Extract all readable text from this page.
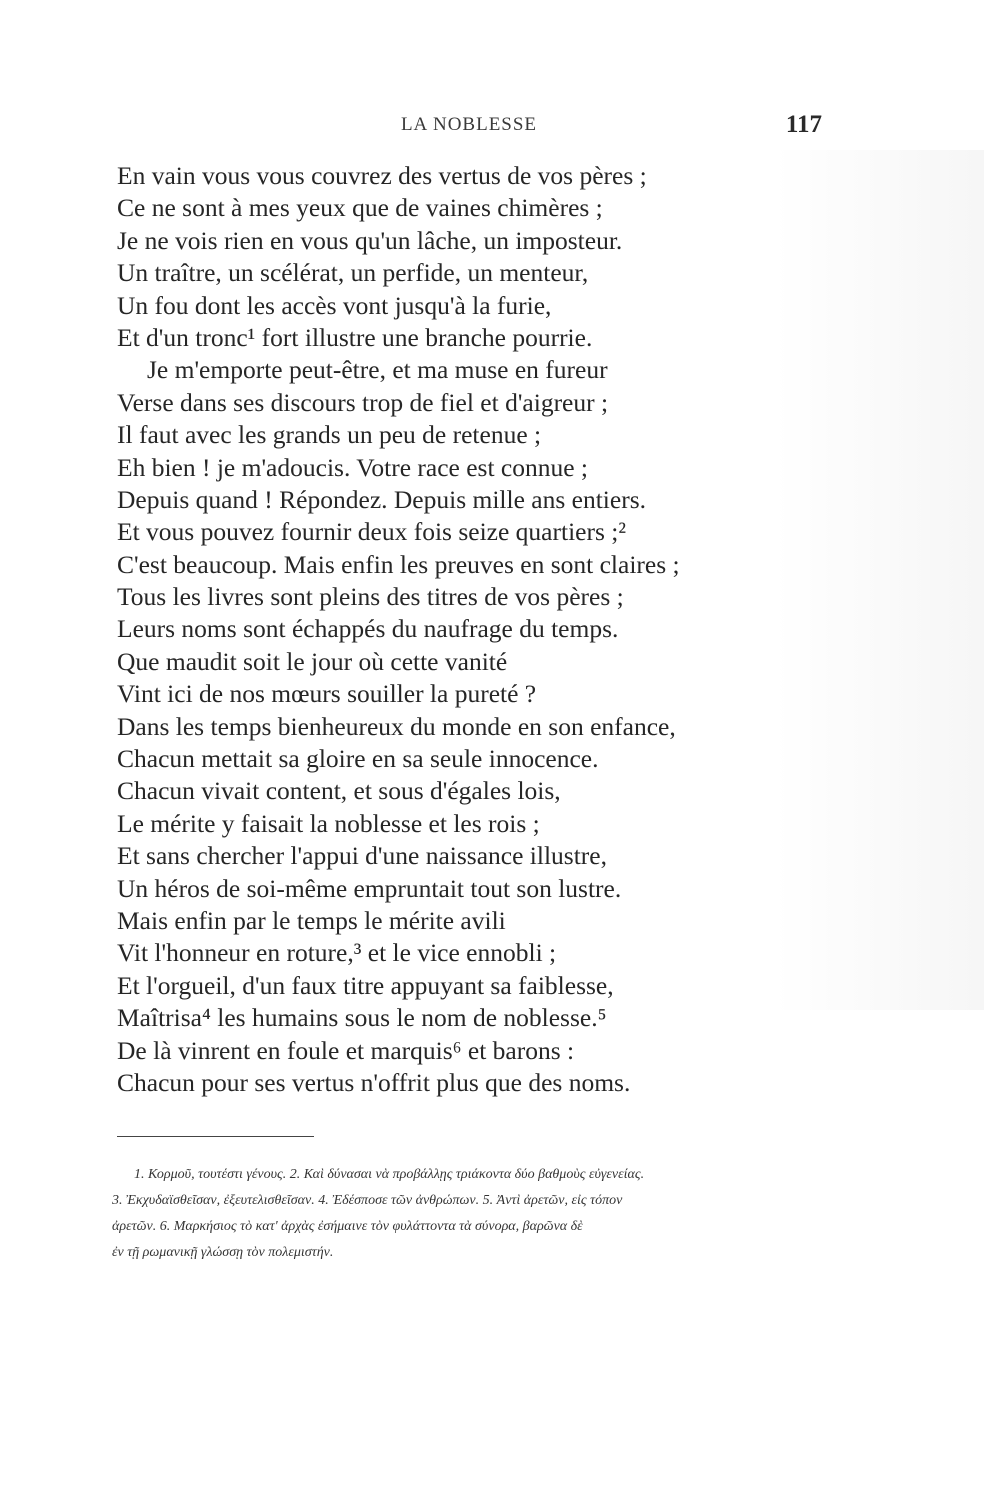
LA NOBLESSE	117
En vain vous vous couvrez des vertus de vos pères ;
Ce ne sont à mes yeux que de vaines chimères ;
Je ne vois rien en vous qu'un lâche, un imposteur.
Un traître, un scélérat, un perfide, un menteur,
Un fou dont les accès vont jusqu'à la furie,
Et d'un tronc¹ fort illustre une branche pourrie.
Je m'emporte peut-être, et ma muse en fureur
Verse dans ses discours trop de fiel et d'aigreur ;
Il faut avec les grands un peu de retenue ;
Eh bien ! je m'adoucis. Votre race est connue ;
Depuis quand ! Répondez. Depuis mille ans entiers.
Et vous pouvez fournir deux fois seize quartiers ;²
C'est beaucoup. Mais enfin les preuves en sont claires ;
Tous les livres sont pleins des titres de vos pères ;
Leurs noms sont échappés du naufrage du temps.
Que maudit soit le jour où cette vanité
Vint ici de nos mœurs souiller la pureté ?
Dans les temps bienheureux du monde en son enfance,
Chacun mettait sa gloire en sa seule innocence.
Chacun vivait content, et sous d'égales lois,
Le mérite y faisait la noblesse et les rois ;
Et sans chercher l'appui d'une naissance illustre,
Un héros de soi-même empruntait tout son lustre.
Mais enfin par le temps le mérite avili
Vit l'honneur en roture,³ et le vice ennobli ;
Et l'orgueil, d'un faux titre appuyant sa faiblesse,
Maîtrisa⁴ les humains sous le nom de noblesse.⁵
De là vinrent en foule et marquis⁶ et barons :
Chacun pour ses vertus n'offrit plus que des noms.
1. Κορμοῦ, τουτέστι γένους. 2. Καὶ δύνασαι νὰ προβάλλῃς τριάκοντα δύο βαθμοὺς εὐγενείας.
3. Ἐκχυδαϊσθεῖσαν, ἐξευτελισθεῖσαν. 4. Ἐδέσποσε τῶν ἀνθρώπων. 5. Ἀντὶ ἀρετῶν, εἰς τόπον
ἀρετῶν. 6. Μαρκήσιος τὸ κατ' ἀρχὰς ἐσήμαινε τὸν φυλάττοντα τὰ σύνορα, βαρῶνα δὲ
ἐν τῇ ρωμανικῇ γλώσσῃ τὸν πολεμιστήν.
